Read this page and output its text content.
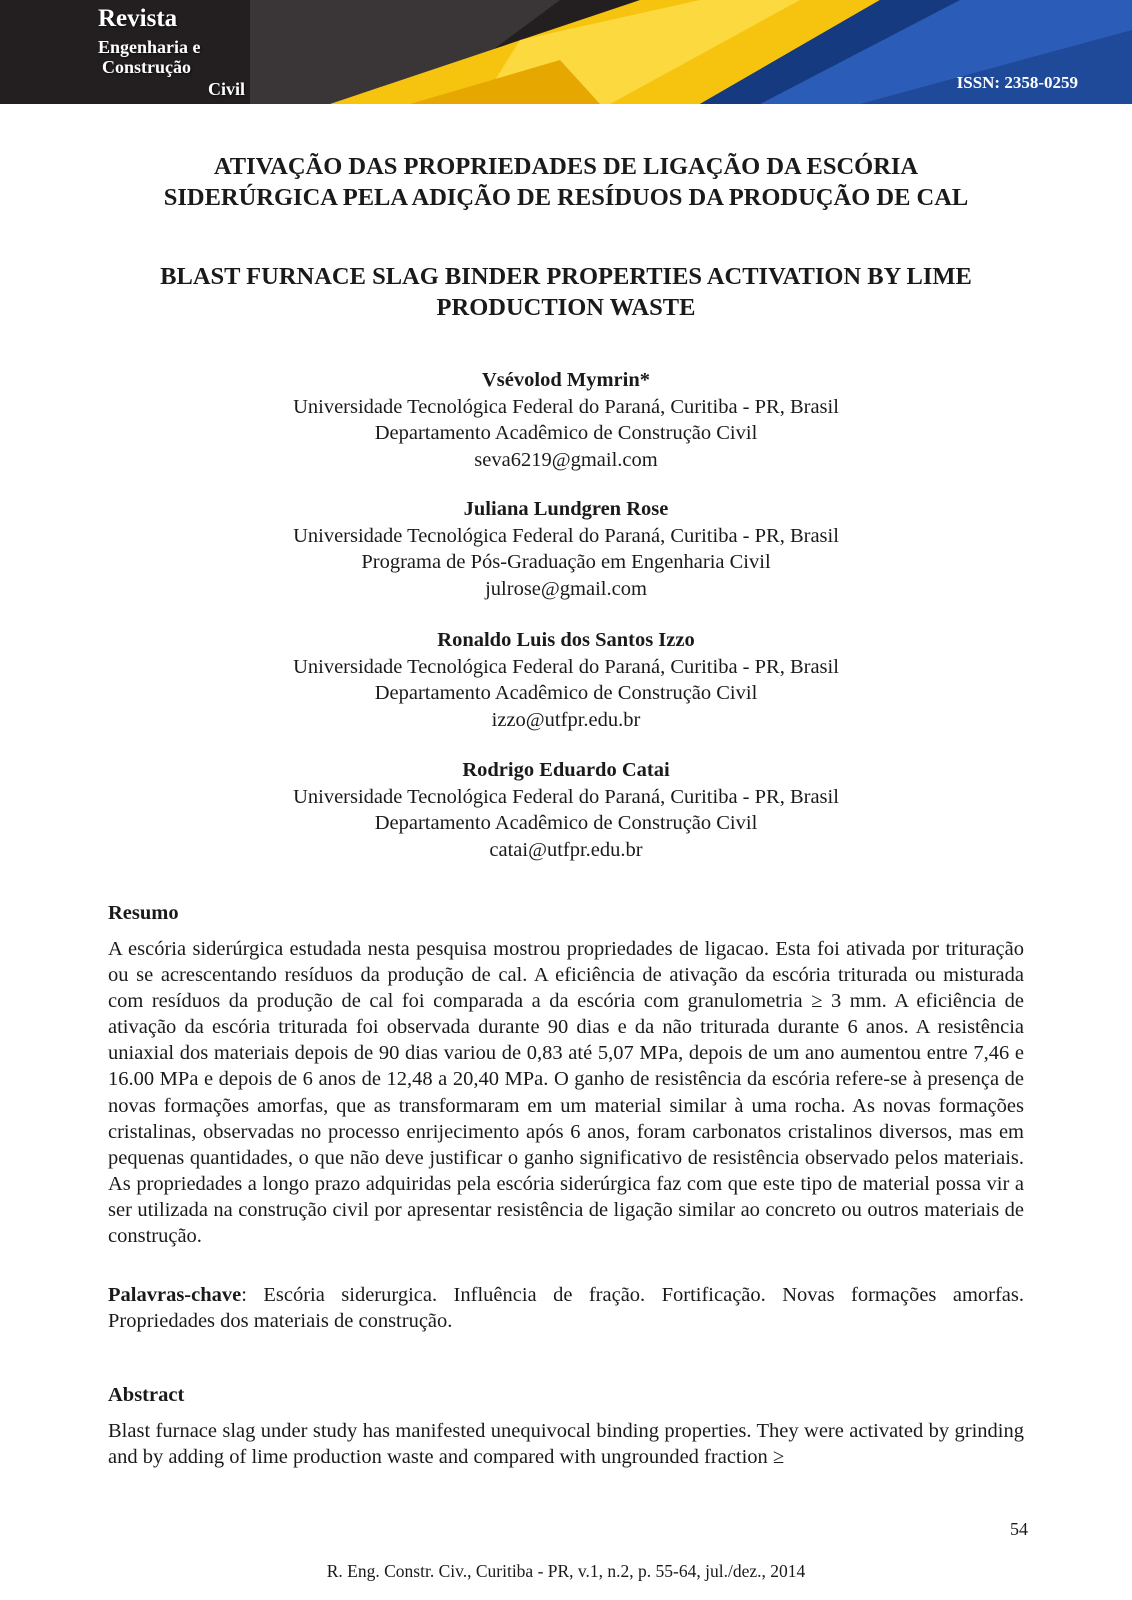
Revista
Engenharia e
Construção
Civil	ISSN: 2358-0259
ATIVAÇÃO DAS PROPRIEDADES DE LIGAÇÃO DA ESCÓRIA
SIDERÚRGICA PELA ADIÇÃO DE RESÍDUOS DA PRODUÇÃO DE CAL
BLAST FURNACE SLAG BINDER PROPERTIES ACTIVATION BY LIME
PRODUCTION WASTE
Vsévolod Mymrin*
Universidade Tecnológica Federal do Paraná, Curitiba - PR, Brasil
Departamento Acadêmico de Construção Civil
seva6219@gmail.com
Juliana Lundgren Rose
Universidade Tecnológica Federal do Paraná, Curitiba - PR, Brasil
Programa de Pós-Graduação em Engenharia Civil
julrose@gmail.com
Ronaldo Luis dos Santos Izzo
Universidade Tecnológica Federal do Paraná, Curitiba - PR, Brasil
Departamento Acadêmico de Construção Civil
izzo@utfpr.edu.br
Rodrigo Eduardo Catai
Universidade Tecnológica Federal do Paraná, Curitiba - PR, Brasil
Departamento Acadêmico de Construção Civil
catai@utfpr.edu.br
Resumo

A escória siderúrgica estudada nesta pesquisa mostrou propriedades de ligacao. Esta foi ativada por trituração ou se acrescentando resíduos da produção de cal. A eficiência de ativação da escória triturada ou misturada com resíduos da produção de cal foi comparada a da escória com granulometria ≥ 3 mm. A eficiência de ativação da escória triturada foi observada durante 90 dias e da não triturada durante 6 anos. A resistência uniaxial dos materiais depois de 90 dias variou de 0,83 até 5,07 MPa, depois de um ano aumentou entre 7,46 e 16.00 MPa e depois de 6 anos de 12,48 a 20,40 MPa. O ganho de resistência da escória refere-se à presença de novas formações amorfas, que as transformaram em um material similar à uma rocha. As novas formações cristalinas, observadas no processo enrijecimento após 6 anos, foram carbonatos cristalinos diversos, mas em pequenas quantidades, o que não deve justificar o ganho significativo de resistência observado pelos materiais. As propriedades a longo prazo adquiridas pela escória siderúrgica faz com que este tipo de material possa vir a ser utilizada na construção civil por apresentar resistência de ligação similar ao concreto ou outros materiais de construção.

Palavras-chave: Escória siderurgica. Influência de fração. Fortificação. Novas formações amorfas. Propriedades dos materiais de construção.

Abstract

Blast furnace slag under study has manifested unequivocal binding properties. They were activated by grinding and by adding of lime production waste and compared with ungrounded fraction ≥

54
R. Eng. Constr. Civ., Curitiba - PR, v.1, n.2, p. 55-64, jul./dez., 2014
